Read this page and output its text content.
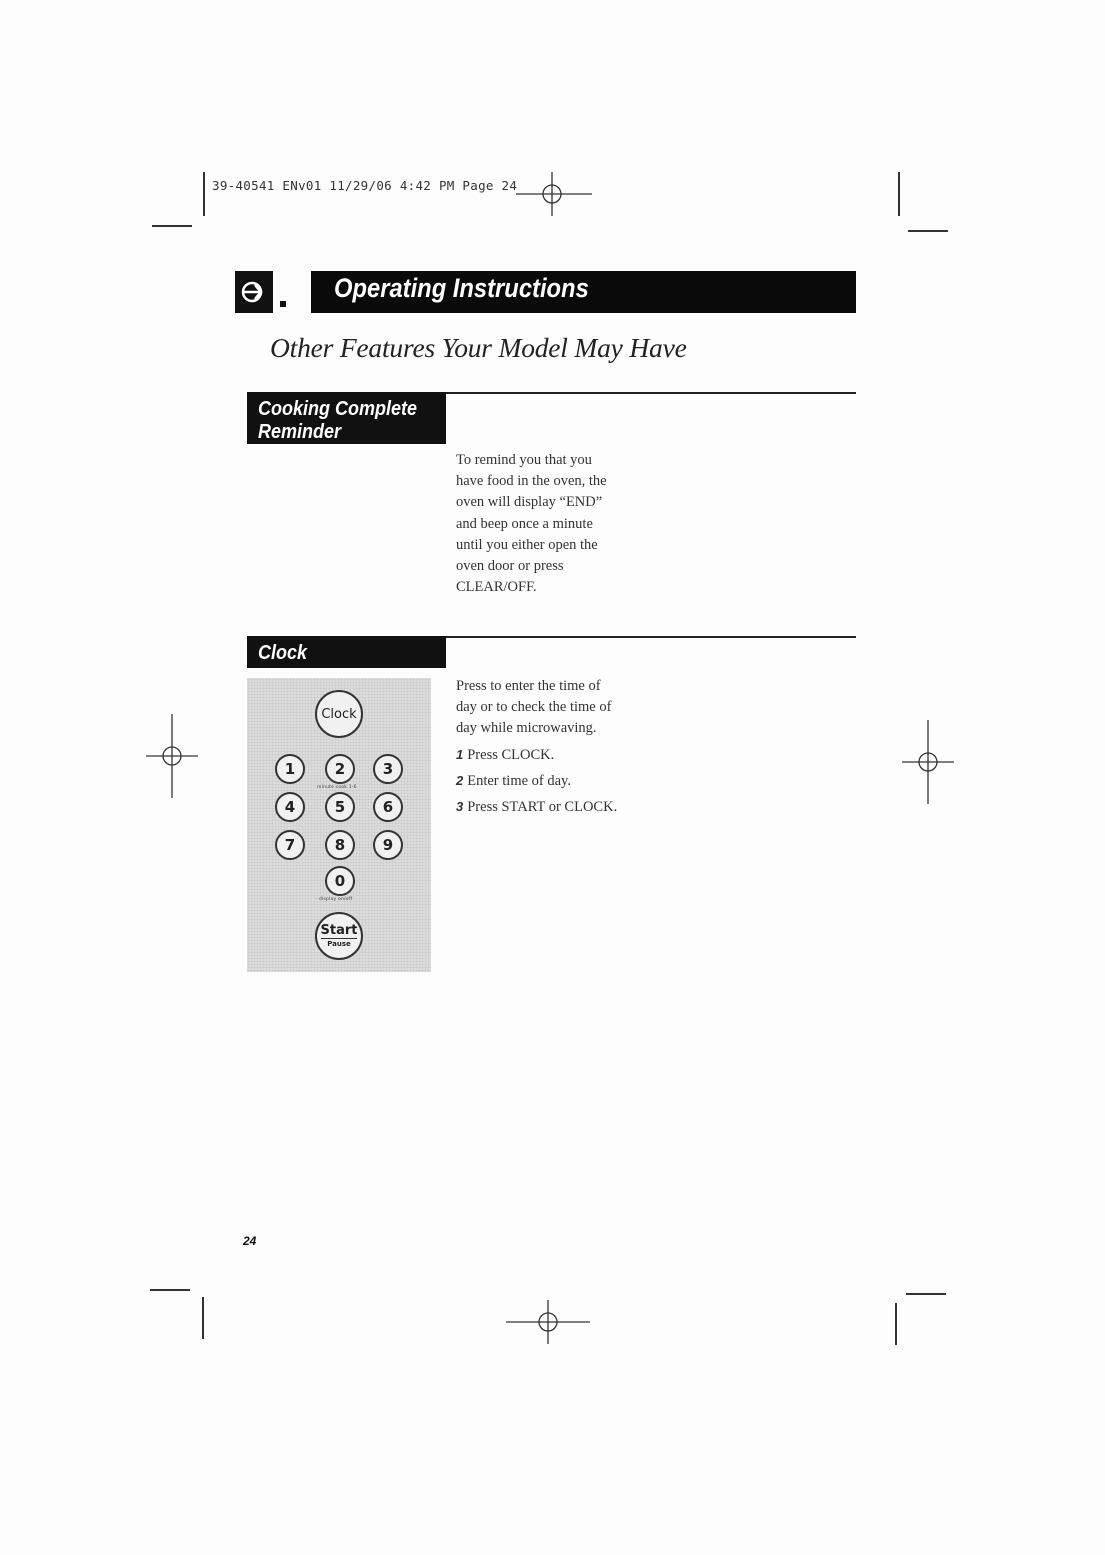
39-40541 ENv01 11/29/06 4:42 PM Page 24
Operating Instructions
Other Features Your Model May Have
Cooking Complete
Reminder
To remind you that you
have food in the oven, the
oven will display “END”
and beep once a minute
until you either open the
oven door or press
CLEAR/OFF.
Clock
Press to enter the time of
day or to check the time of
day while microwaving.
1 Press CLOCK.
2 Enter time of day.
3 Press START or CLOCK.
Clock
1	2	3
minute cook 1-6
4	5	6
7	8	9
0
display on/off
Start
Pause
24
